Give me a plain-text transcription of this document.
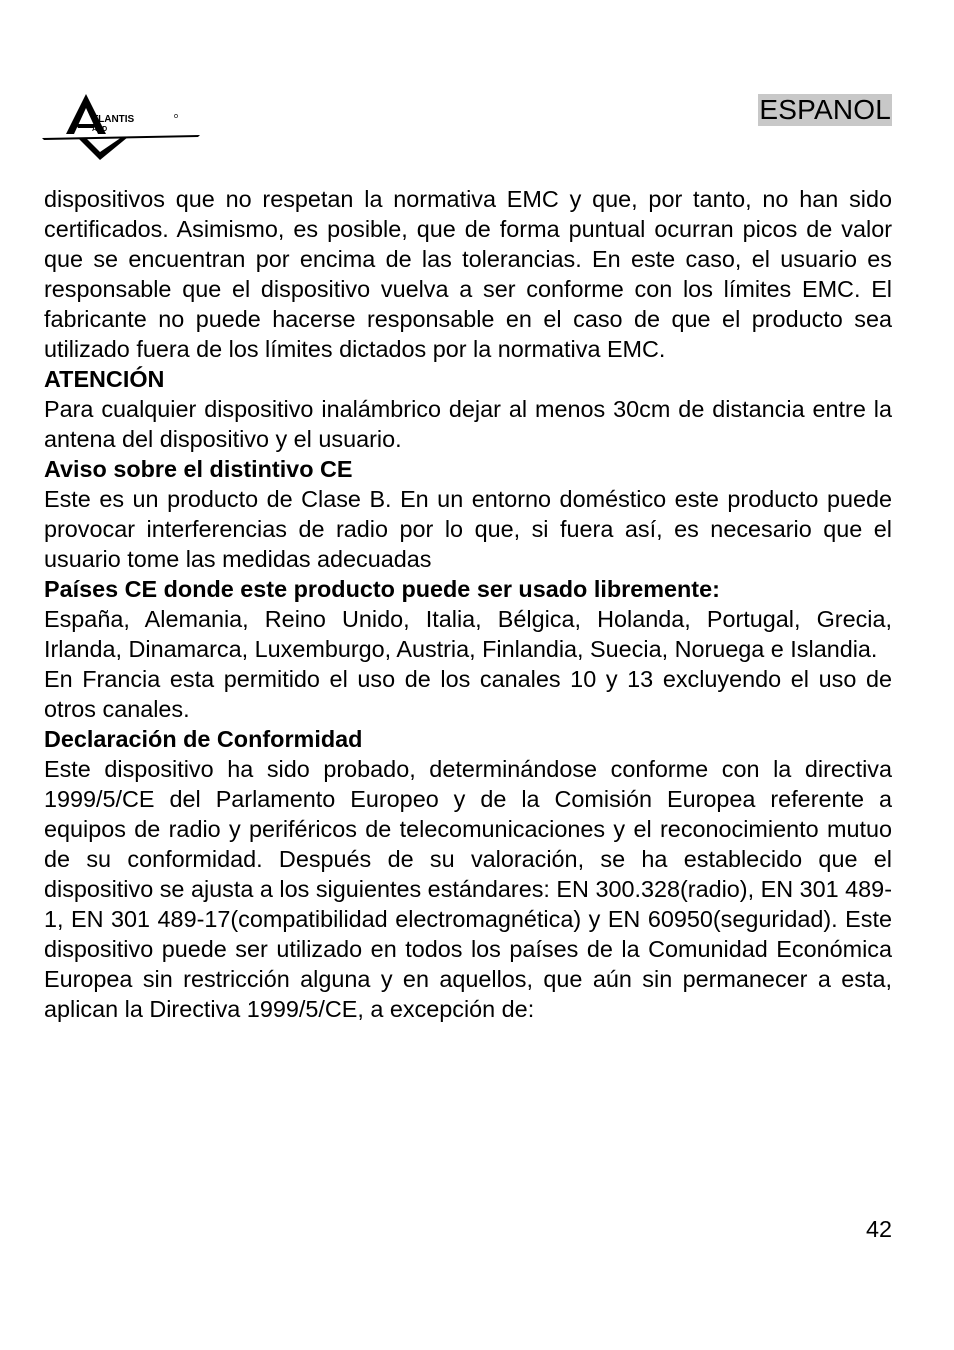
TLANTIS
AND
ESPANOL

dispositivos que no respetan la normativa EMC y que, por tanto, no han sido certificados. Asimismo, es posible, que de forma puntual ocurran picos de valor que se encuentran por encima de las tolerancias. En este caso, el usuario es responsable que el dispositivo vuelva a ser conforme con los límites EMC. El fabricante no puede hacerse responsable en el caso de que el producto sea utilizado fuera de los límites dictados por la normativa EMC.

ATENCIÓN

Para cualquier dispositivo inalámbrico dejar al menos 30cm de distancia entre la antena del dispositivo y el usuario.

Aviso sobre el distintivo CE

Este es un producto de Clase B. En un entorno doméstico este producto puede provocar interferencias de radio por lo que, si fuera así, es necesario que el usuario tome las medidas adecuadas

Países CE donde este producto puede ser usado libremente:

España, Alemania, Reino Unido, Italia, Bélgica, Holanda, Portugal, Grecia, Irlanda, Dinamarca, Luxemburgo, Austria, Finlandia, Suecia, Noruega e Islandia.

En Francia esta permitido el uso de los canales 10 y 13 excluyendo el uso de otros canales.

Declaración de Conformidad

Este dispositivo ha sido probado, determinándose conforme con la directiva 1999/5/CE del Parlamento Europeo y de la Comisión Europea referente a equipos de radio y periféricos de telecomunicaciones y el reconocimiento mutuo de su conformidad. Después de su valoración, se ha establecido que el dispositivo se ajusta a los siguientes estándares: EN 300.328(radio), EN 301 489-1, EN 301 489-17(compatibilidad electromagnética) y EN 60950(seguridad). Este dispositivo puede ser utilizado en todos los países de la Comunidad Económica Europea sin restricción alguna y en aquellos, que aún sin permanecer a esta, aplican la Directiva 1999/5/CE, a excepción de:

42
